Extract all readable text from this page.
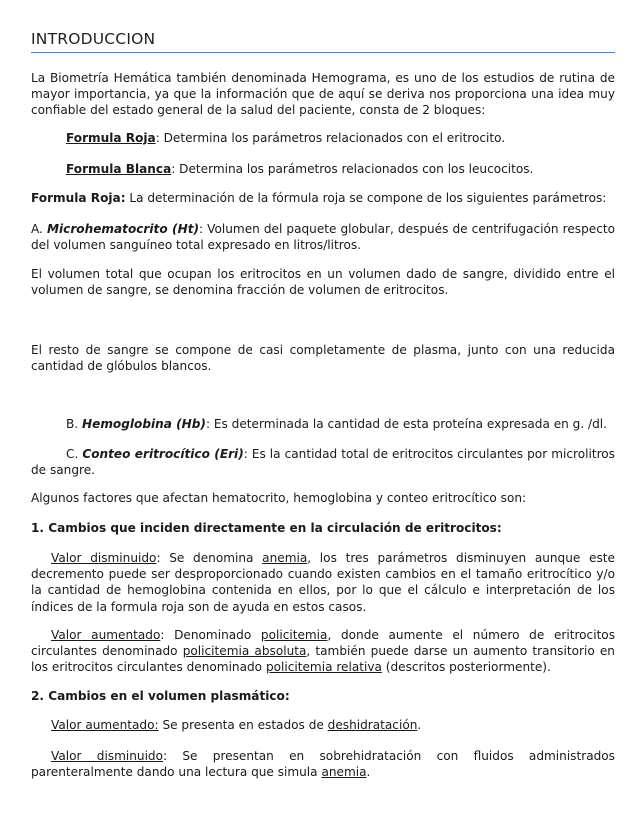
INTRODUCCION

La Biometría Hemática también denominada Hemograma, es uno de los estudios de rutina de mayor importancia, ya que la información que de aquí se deriva nos proporciona una idea muy confiable del estado general de la salud del paciente, consta de 2 bloques:

Formula Roja: Determina los parámetros relacionados con el eritrocito.

Formula Blanca: Determina los parámetros relacionados con los leucocitos.

Formula Roja: La determinación de la fórmula roja se compone de los siguientes parámetros:

A. Microhematocrito (Ht): Volumen del paquete globular, después de centrifugación respecto del volumen sanguíneo total expresado en litros/litros.

El volumen total que ocupan los eritrocitos en un volumen dado de sangre, dividido entre el volumen de sangre, se denomina fracción de volumen de eritrocitos.

El resto de sangre se compone de casi completamente de plasma, junto con una reducida cantidad de glóbulos blancos.

B. Hemoglobina (Hb): Es determinada la cantidad de esta proteína expresada en g. /dl.

C. Conteo eritrocítico (Eri): Es la cantidad total de eritrocitos circulantes por microlitros de sangre.

Algunos factores que afectan hematocrito, hemoglobina y conteo eritrocítico son:

1. Cambios que inciden directamente en la circulación de eritrocitos:

Valor disminuido: Se denomina anemia, los tres parámetros disminuyen aunque este decremento puede ser desproporcionado cuando existen cambios en el tamaño eritrocítico y/o la cantidad de hemoglobina contenida en ellos, por lo que el cálculo e interpretación de los índices de la formula roja son de ayuda en estos casos.

Valor aumentado: Denominado policitemia, donde aumente el número de eritrocitos circulantes denominado policitemia absoluta, también puede darse un aumento transitorio en los eritrocitos circulantes denominado policitemia relativa (descritos posteriormente).

2. Cambios en el volumen plasmático:

Valor aumentado: Se presenta en estados de deshidratación.

Valor disminuido: Se presentan en sobrehidratación con fluidos administrados parenteralmente dando una lectura que simula anemia.
